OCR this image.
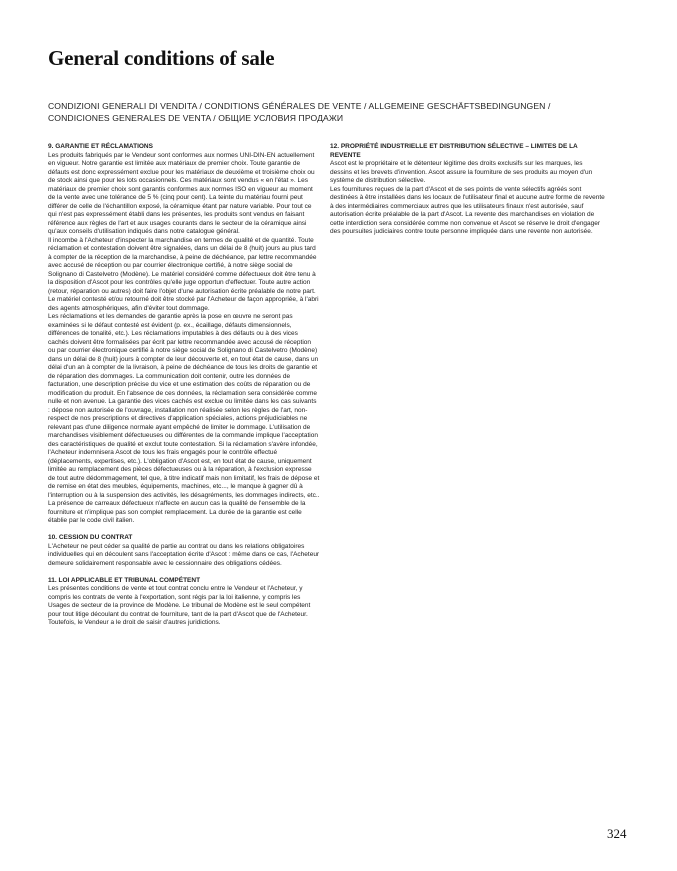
General conditions of sale
CONDIZIONI GENERALI DI VENDITA / CONDITIONS GÉNÉRALES DE VENTE / ALLGEMEINE GESCHÄFTSBEDINGUNGEN / CONDICIONES GENERALES DE VENTA / ОБЩИЕ УСЛОВИЯ ПРОДАЖИ
9. GARANTIE ET RÉCLAMATIONS
Les produits fabriqués par le Vendeur sont conformes aux normes UNI-DIN-EN actuellement en vigueur. Notre garantie est limitée aux matériaux de premier choix. Toute garantie de défauts est donc expressément exclue pour les matériaux de deuxième et troisième choix ou de stock ainsi que pour les lots occasionnels. Ces matériaux sont vendus « en l'état ». Les matériaux de premier choix sont garantis conformes aux normes ISO en vigueur au moment de la vente avec une tolérance de 5 % (cinq pour cent). La teinte du matériau fourni peut différer de celle de l'échantillon exposé, la céramique étant par nature variable. Pour tout ce qui n'est pas expressément établi dans les présentes, les produits sont vendus en faisant référence aux règles de l'art et aux usages courants dans le secteur de la céramique ainsi qu'aux conseils d'utilisation indiqués dans notre catalogue général.
Il incombe à l'Acheteur d'inspecter la marchandise en termes de qualité et de quantité. Toute réclamation et contestation doivent être signalées, dans un délai de 8 (huit) jours au plus tard à compter de la réception de la marchandise, à peine de déchéance, par lettre recommandée avec accusé de réception ou par courrier électronique certifié, à notre siège social de Solignano di Castelvetro (Modène). Le matériel considéré comme défectueux doit être tenu à la disposition d'Ascot pour les contrôles qu'elle juge opportun d'effectuer. Toute autre action (retour, réparation ou autres) doit faire l'objet d'une autorisation écrite préalable de notre part. Le matériel contesté et/ou retourné doit être stocké par l'Acheteur de façon appropriée, à l'abri des agents atmosphériques, afin d'éviter tout dommage.
Les réclamations et les demandes de garantie après la pose en œuvre ne seront pas examinées si le défaut contesté est évident (p. ex., écaillage, défauts dimensionnels, différences de tonalité, etc.). Les réclamations imputables à des défauts ou à des vices cachés doivent être formalisées par écrit par lettre recommandée avec accusé de réception ou par courrier électronique certifié à notre siège social de Solignano di Castelvetro (Modène) dans un délai de 8 (huit) jours à compter de leur découverte et, en tout état de cause, dans un délai d'un an à compter de la livraison, à peine de déchéance de tous les droits de garantie et de réparation des dommages. La communication doit contenir, outre les données de facturation, une description précise du vice et une estimation des coûts de réparation ou de modification du produit. En l'absence de ces données, la réclamation sera considérée comme nulle et non avenue. La garantie des vices cachés est exclue ou limitée dans les cas suivants : dépose non autorisée de l'ouvrage, installation non réalisée selon les règles de l'art, non-respect de nos prescriptions et directives d'application spéciales, actions préjudiciables ne relevant pas d'une diligence normale ayant empêché de limiter le dommage. L'utilisation de marchandises visiblement défectueuses ou différentes de la commande implique l'acceptation des caractéristiques de qualité et exclut toute contestation. Si la réclamation s'avère infondée, l'Acheteur indemnisera Ascot de tous les frais engagés pour le contrôle effectué (déplacements, expertises, etc.). L'obligation d'Ascot est, en tout état de cause, uniquement limitée au remplacement des pièces défectueuses ou à la réparation, à l'exclusion expresse de tout autre dédommagement, tel que, à titre indicatif mais non limitatif, les frais de dépose et de remise en état des meubles, équipements, machines, etc..., le manque à gagner dû à l'interruption ou à la suspension des activités, les désagréments, les dommages indirects, etc.. La présence de carreaux défectueux n'affecte en aucun cas la qualité de l'ensemble de la fourniture et n'implique pas son complet remplacement. La durée de la garantie est celle établie par le code civil italien.
10. CESSION DU CONTRAT
L'Acheteur ne peut céder sa qualité de partie au contrat ou dans les relations obligatoires individuelles qui en découlent sans l'acceptation écrite d'Ascot : même dans ce cas, l'Acheteur demeure solidairement responsable avec le cessionnaire des obligations cédées.
11. LOI APPLICABLE ET TRIBUNAL COMPÉTENT
Les présentes conditions de vente et tout contrat conclu entre le Vendeur et l'Acheteur, y compris les contrats de vente à l'exportation, sont régis par la loi italienne, y compris les Usages de secteur de la province de Modène. Le tribunal de Modène est le seul compétent pour tout litige découlant du contrat de fourniture, tant de la part d'Ascot que de l'Acheteur. Toutefois, le Vendeur a le droit de saisir d'autres juridictions.
12. PROPRIÉTÉ INDUSTRIELLE ET DISTRIBUTION SÉLECTIVE – LIMITES DE LA REVENTE
Ascot est le propriétaire et le détenteur légitime des droits exclusifs sur les marques, les dessins et les brevets d'invention. Ascot assure la fourniture de ses produits au moyen d'un système de distribution sélective.
Les fournitures reçues de la part d'Ascot et de ses points de vente sélectifs agréés sont destinées à être installées dans les locaux de l'utilisateur final et aucune autre forme de revente à des intermédiaires commerciaux autres que les utilisateurs finaux n'est autorisée, sauf autorisation écrite préalable de la part d'Ascot. La revente des marchandises en violation de cette interdiction sera considérée comme non convenue et Ascot se réserve le droit d'engager des poursuites judiciaires contre toute personne impliquée dans une revente non autorisée.
324
